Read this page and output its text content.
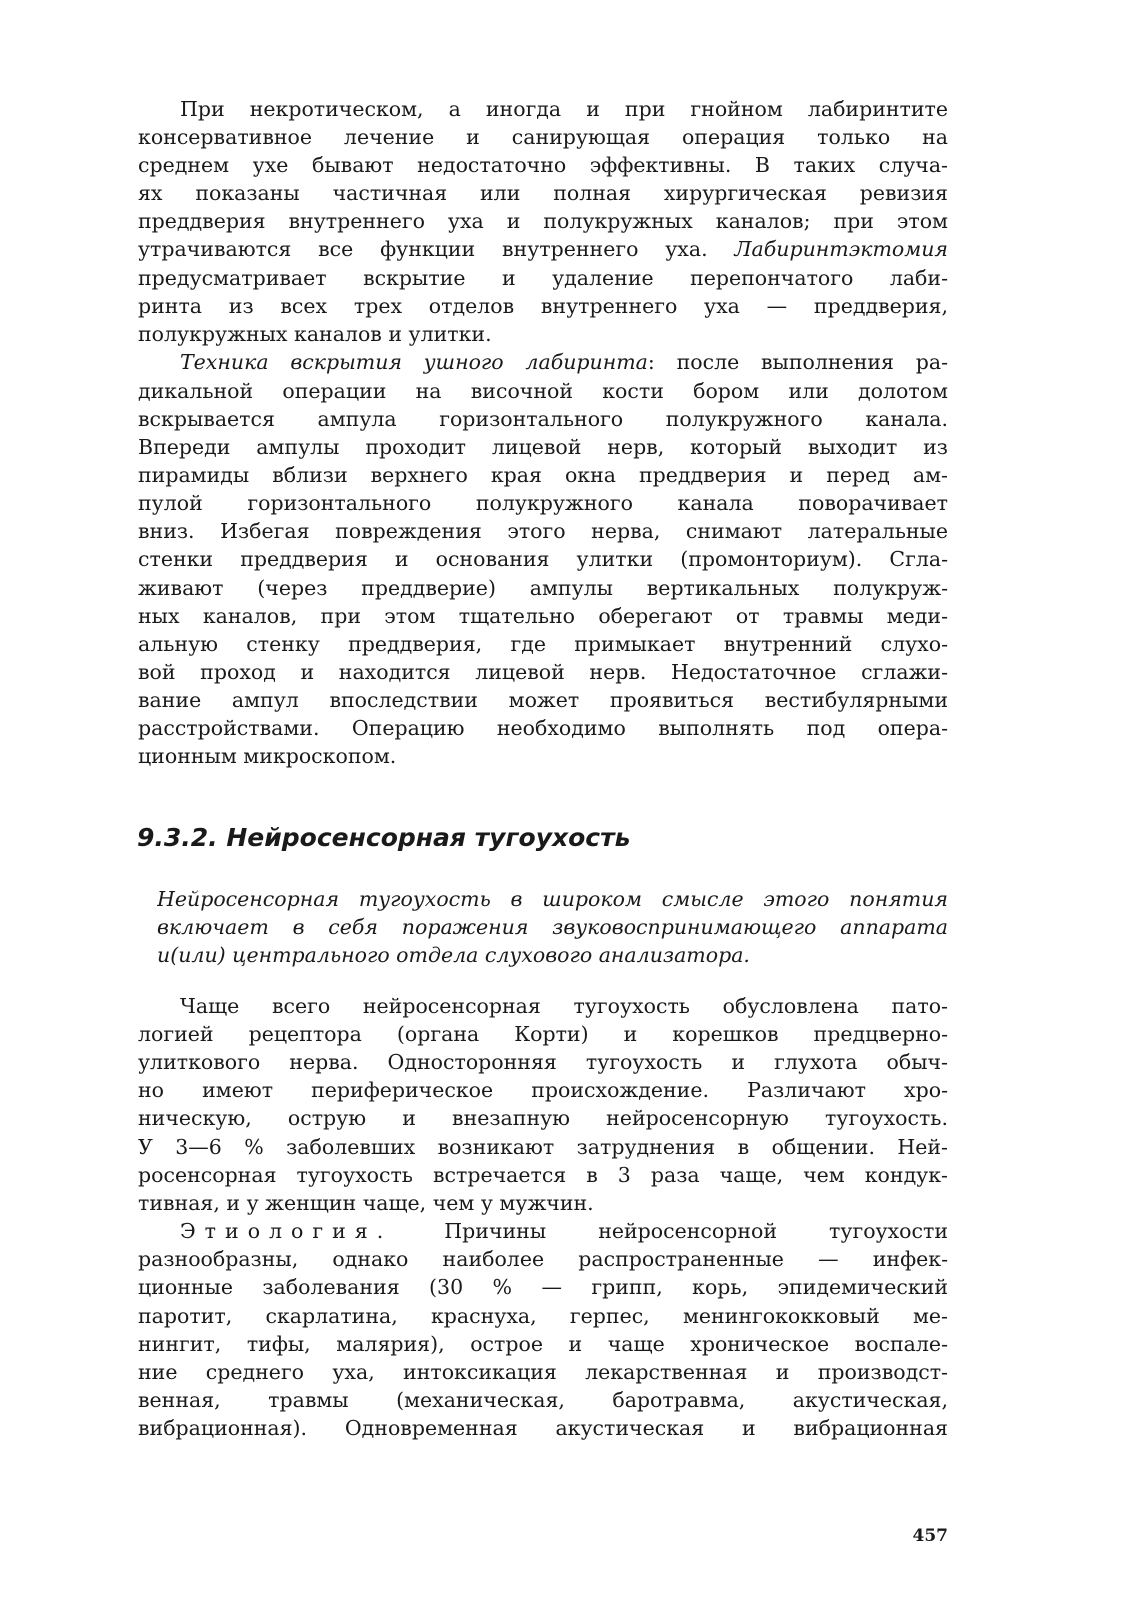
При некротическом, а иногда и при гнойном лабиринтите
консервативное лечение и санирующая операция только на
среднем ухе бывают недостаточно эффективны. В таких случа-
ях показаны частичная или полная хирургическая ревизия
преддверия внутреннего уха и полукружных каналов; при этом
утрачиваются все функции внутреннего уха. Лабиринтэктомия
предусматривает вскрытие и удаление перепончатого лаби-
ринта из всех трех отделов внутреннего уха — преддверия,
полукружных каналов и улитки.
Техника вскрытия ушного лабиринта: после выполнения ра-
дикальной операции на височной кости бором или долотом
вскрывается ампула горизонтального полукружного канала.
Впереди ампулы проходит лицевой нерв, который выходит из
пирамиды вблизи верхнего края окна преддверия и перед ам-
пулой горизонтального полукружного канала поворачивает
вниз. Избегая повреждения этого нерва, снимают латеральные
стенки преддверия и основания улитки (промонториум). Сгла-
живают (через преддверие) ампулы вертикальных полукруж-
ных каналов, при этом тщательно оберегают от травмы меди-
альную стенку преддверия, где примыкает внутренний слухо-
вой проход и находится лицевой нерв. Недостаточное сглажи-
вание ампул впоследствии может проявиться вестибулярными
расстройствами. Операцию необходимо выполнять под опера-
ционным микроскопом.
9.3.2. Нейросенсорная тугоухость
Нейросенсорная тугоухость в широком смысле этого понятия
включает в себя поражения звуковоспринимающего аппарата
и(или) центрального отдела слухового анализатора.
Чаще всего нейросенсорная тугоухость обусловлена пато-
логией рецептора (органа Корти) и корешков предцверно-
улиткового нерва. Односторонняя тугоухость и глухота обыч-
но имеют периферическое происхождение. Различают хро-
ническую, острую и внезапную нейросенсорную тугоухость.
У 3—6 % заболевших возникают затруднения в общении. Ней-
росенсорная тугоухость встречается в 3 раза чаще, чем кондук-
тивная, и у женщин чаще, чем у мужчин.
Этиология. Причины нейросенсорной тугоухости
разнообразны, однако наиболее распространенные — инфек-
ционные заболевания (30 % — грипп, корь, эпидемический
паротит, скарлатина, краснуха, герпес, менингококковый ме-
нингит, тифы, малярия), острое и чаще хроническое воспале-
ние среднего уха, интоксикация лекарственная и производст-
венная, травмы (механическая, баротравма, акустическая,
вибрационная). Одновременная акустическая и вибрационная
457
